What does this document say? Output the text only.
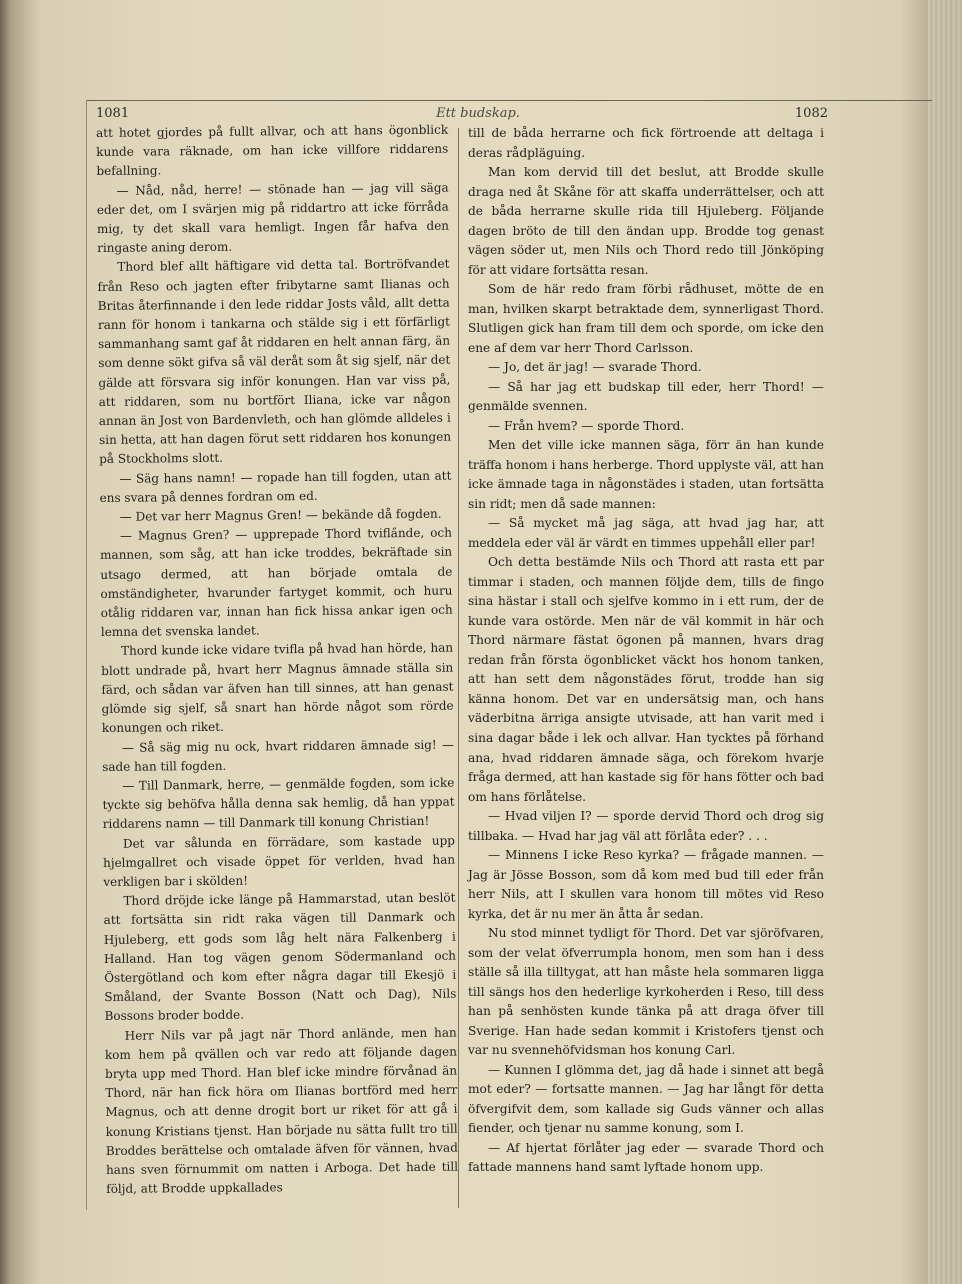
1081	Ett budskap.	1082

att hotet gjordes på fullt allvar, och att hans ögonblick kunde vara räknade, om han icke villfore riddarens befallning.

— Nåd, nåd, herre! — stönade han — jag vill säga eder det, om I svärjen mig på riddartro att icke förråda mig, ty det skall vara hemligt. Ingen får hafva den ringaste aning derom.

Thord blef allt häftigare vid detta tal. Bortröfvandet från Reso och jagten efter fribytarne samt Ilianas och Britas återfinnande i den lede riddar Josts våld, allt detta rann för honom i tankarna och stälde sig i ett förfärligt sammanhang samt gaf åt riddaren en helt annan färg, än som denne sökt gifva så väl deråt som åt sig sjelf, när det gälde att försvara sig inför konungen. Han var viss på, att riddaren, som nu bortfört Iliana, icke var någon annan än Jost von Bardenvleth, och han glömde alldeles i sin hetta, att han dagen förut sett riddaren hos konungen på Stockholms slott.

— Säg hans namn! — ropade han till fogden, utan att ens svara på dennes fordran om ed.

— Det var herr Magnus Gren! — bekände då fogden.

— Magnus Gren? — upprepade Thord tvifla̋nde, och mannen, som såg, att han icke troddes, bekräftade sin utsago dermed, att han började omtala de omständigheter, hvarunder fartyget kommit, och huru otålig riddaren var, innan han fick hissa ankar igen och lemna det svenska landet.

Thord kunde icke vidare tvifla på hvad han hörde, han blott undrade på, hvart herr Magnus ämnade ställa sin färd, och sådan var äfven han till sinnes, att han genast glömde sig sjelf, så snart han hörde något som rörde konungen och riket.

— Så säg mig nu ock, hvart riddaren ämnade sig! — sade han till fogden.

— Till Danmark, herre, — genmälde fogden, som icke tyckte sig behöfva hålla denna sak hemlig, då han yppat riddarens namn — till Danmark till konung Christian!

Det var sålunda en förrädare, som kastade upp hjelmgallret och visade öppet för verlden, hvad han verkligen bar i skölden!

Thord dröjde icke länge på Hammarstad, utan beslöt att fortsätta sin ridt raka vägen till Danmark och Hjuleberg, ett gods som låg helt nära Falkenberg i Halland. Han tog vägen genom Södermanland och Östergötland och kom efter några dagar till Ekesjö i Småland, der Svante Bosson (Natt och Dag), Nils Bossons broder bodde.

Herr Nils var på jagt när Thord anlände, men han kom hem på qvällen och var redo att följande dagen bryta upp med Thord. Han blef icke mindre förvånad än Thord, när han fick höra om Ilianas bortförd med herr Magnus, och att denne drogit bort ur riket för att gå i konung Kristians tjenst. Han började nu sätta fullt tro till Broddes berättelse och omtalade äfven för vännen, hvad hans sven förnummit om natten i Arboga. Det hade till följd, att Brodde uppkallades

till de båda herrarne och fick förtroende att deltaga i deras rådpläguing.

Man kom dervid till det beslut, att Brodde skulle draga ned åt Skåne för att skaffa underrättelser, och att de båda herrarne skulle rida till Hjuleberg. Följande dagen bröto de till den ändan upp. Brodde tog genast vägen söder ut, men Nils och Thord redo till Jönköping för att vidare fortsätta resan.

Som de här redo fram förbi rådhuset, mötte de en man, hvilken skarpt betraktade dem, synnerligast Thord. Slutligen gick han fram till dem och sporde, om icke den ene af dem var herr Thord Carlsson.

— Jo, det är jag! — svarade Thord.

— Så har jag ett budskap till eder, herr Thord! — genmälde svennen.

— Från hvem? — sporde Thord.

Men det ville icke mannen säga, förr än han kunde träffa honom i hans herberge. Thord upplyste väl, att han icke ämnade taga in någonstädes i staden, utan fortsätta sin ridt; men då sade mannen:

— Så mycket må jag säga, att hvad jag har, att meddela eder väl är värdt en timmes uppehåll eller par!

Och detta bestämde Nils och Thord att rasta ett par timmar i staden, och mannen följde dem, tills de fingo sina hästar i stall och sjelfve kommo in i ett rum, der de kunde vara ostörde. Men när de väl kommit in här och Thord närmare fästat ögonen på mannen, hvars drag redan från första ögonblicket väckt hos honom tanken, att han sett dem någonstädes förut, trodde han sig känna honom. Det var en undersätsig man, och hans väderbitna ärriga ansigte utvisade, att han varit med i sina dagar både i lek och allvar. Han tycktes på förhand ana, hvad riddaren ämnade säga, och förekom hvarje fråga dermed, att han kastade sig för hans fötter och bad om hans förlåtelse.

— Hvad viljen I? — sporde dervid Thord och drog sig tillbaka. — Hvad har jag väl att förlåta eder? . . .

— Minnens I icke Reso kyrka? — frågade mannen. — Jag är Jösse Bosson, som då kom med bud till eder från herr Nils, att I skullen vara honom till mötes vid Reso kyrka, det är nu mer än åtta år sedan.

Nu stod minnet tydligt för Thord. Det var sjöröfvaren, som der velat öfverrumpla honom, men som han i dess ställe så illa tilltygat, att han måste hela sommaren ligga till sängs hos den hederlige kyrkoherden i Reso, till dess han på senhösten kunde tänka på att draga öfver till Sverige. Han hade sedan kommit i Kristofers tjenst och var nu svennehöfvidsman hos konung Carl.

— Kunnen I glömma det, jag då hade i sinnet att begå mot eder? — fortsatte mannen. — Jag har långt för detta öfvergifvit dem, som kallade sig Guds vänner och allas fiender, och tjenar nu samme konung, som I.

— Af hjertat förlåter jag eder — svarade Thord och fattade mannens hand samt lyftade honom upp.
